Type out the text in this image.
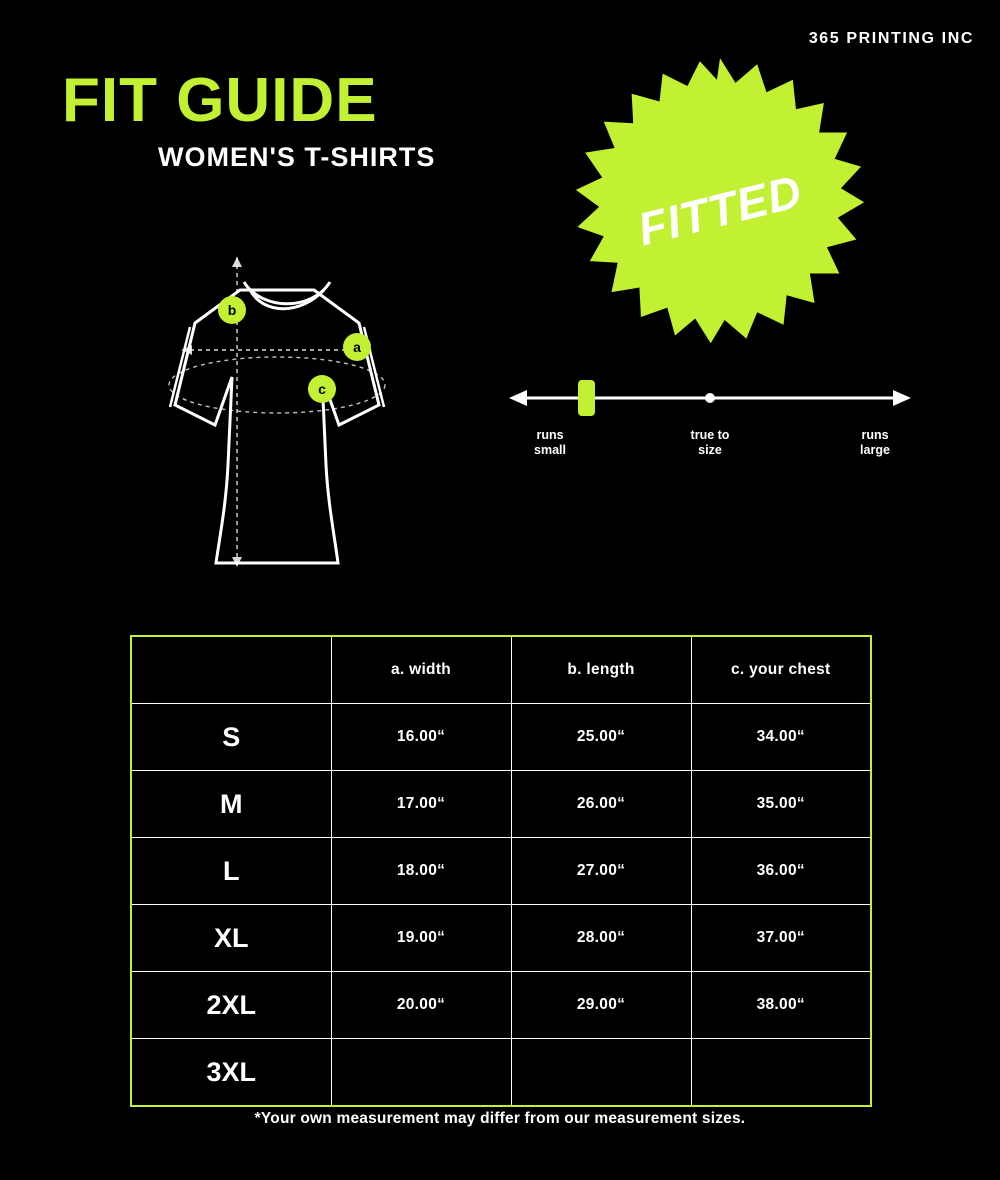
365 PRINTING INC
FIT GUIDE
WOMEN'S T-SHIRTS
b
a
c
FITTED
runs
small
true to
size
runs
large
	a. width	b. length	c. your chest
S	16.00“	25.00“	34.00“
M	17.00“	26.00“	35.00“
L	18.00“	27.00“	36.00“
XL	19.00“	28.00“	37.00“
2XL	20.00“	29.00“	38.00“
3XL			
*Your own measurement may differ from our measurement sizes.
